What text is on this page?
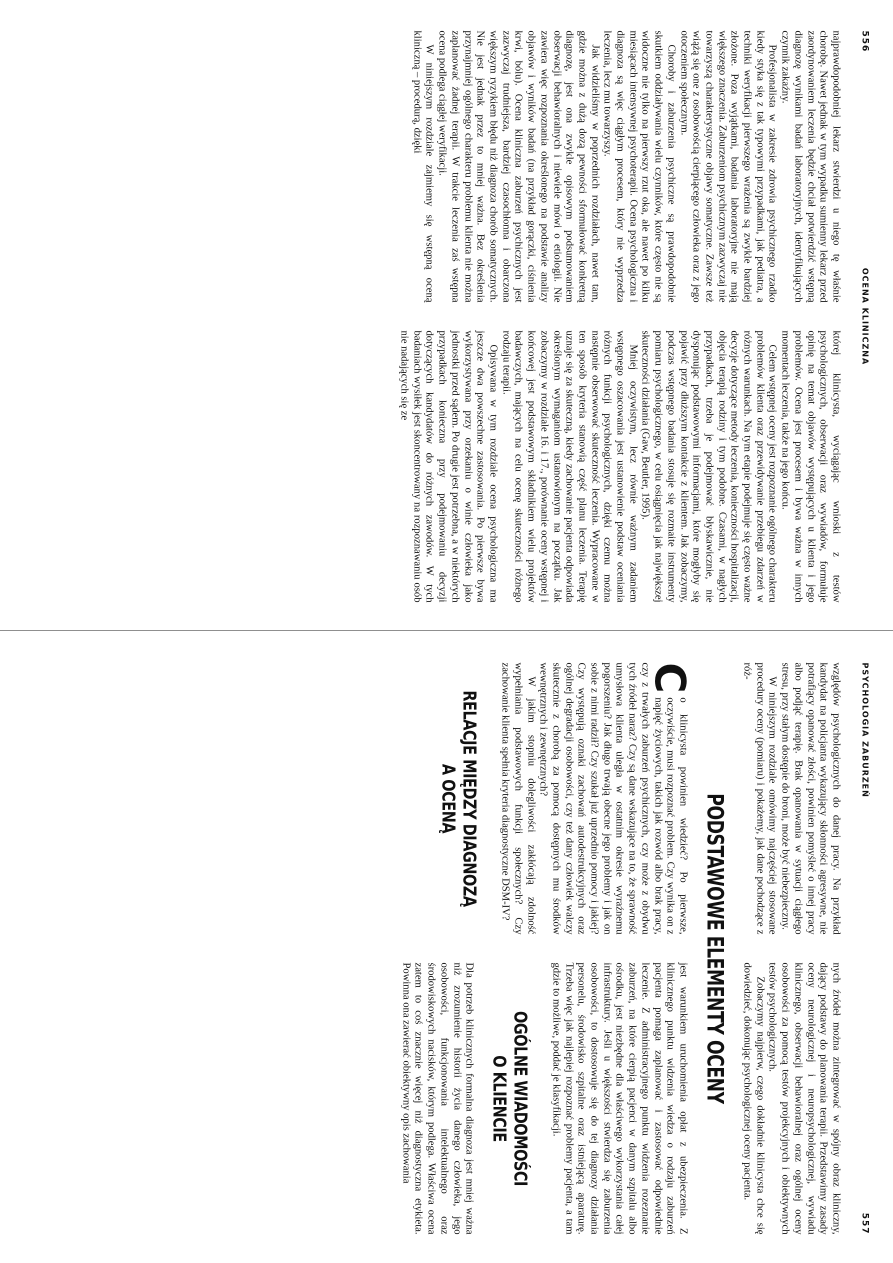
556
OCENA KLINICZNA

najprawdopodobniej lekarz stwierdzi u niego tę właśnie chorobę. Nawet jednak w tym wypadku sumienny lekarz przed zaordynowaniem leczenia będzie chciał potwierdzić wstępną diagnozę wynikami badań laboratoryjnych, identyfikujących czynnik zakaźny.

Profesjonalista w zakresie zdrowia psychicznego rzadko kiedy styka się z tak typowymi przypadkami, jak pediatra, a techniki weryfikacji pierwszego wrażenia są zwykle bardziej złożone. Poza wyjątkami, badania laboratoryjne nie mają większego znaczenia. Zaburzeniom psychicznym zazwyczaj nie towarzyszą charakterystyczne objawy somatyczne. Zawsze też wiążą się one z osobowością cierpiącego człowieka oraz z jego otoczeniem społecznym.

Choroby i zaburzenia psychiczne są prawdopodobnie skutkiem oddziaływania wielu czynników, które często nie są widoczne nie tylko na pierwszy rzut oka, ale nawet po kilku miesiącach intensywnej psychoterapii. Ocena psychologiczna i diagnoza są więc ciągłym procesem, który nie wyprzedza leczenia, lecz mu towarzyszy.

Jak widzieliśmy w poprzednich rozdziałach, nawet tam, gdzie można z dużą dozą pewności sformułować konkretną diagnozę, jest ona zwykle opisowym podsumowaniem obserwacji behawioralnych i niewiele mówi o etiologii. Nie zawiera więc rozpoznania określonego na podstawie analizy objawów i wyników badań (na przykład gorączki, ciśnienia krwi, bólu). Ocena kliniczna zaburzeń psychicznych jest zazwyczaj trudniejsza, bardziej czasochłonna i obarczona większym ryzykiem błędu niż diagnoza chorób somatycznych. Nie jest jednak przez to mniej ważna. Bez określenia przynajmniej ogólnego charakteru problemu klienta nie można zaplanować żadnej terapii. W trakcie leczenia zaś wstępna ocena podlega ciągłej weryfikacji.

W niniejszym rozdziale zajmiemy się wstępną oceną kliniczną – procedurą, dzięki

której klinicysta, wyciągając wnioski z testów psychologicznych, obserwacji oraz wywiadów, formułuje opinię na temat objawów występujących u klienta i jego problemów. Ocena jest procesem i bywa ważna w innych momentach leczenia, także na jego końcu.

Celem wstępnej oceny jest rozpoznanie ogólnego charakteru problemów klienta oraz przewidywanie przebiegu zdarzeń w różnych warunkach. Na tym etapie podejmuje się często ważne decyzje dotyczące metody leczenia, konieczności hospitalizacji, objęcia terapią rodziny i tym podobne. Czasami, w nagłych przypadkach, trzeba je podejmować błyskawicznie, nie dysponując podstawowymi informacjami, które mogłyby się pojawić przy dłuższym kontakcie z klientem. Jak zobaczymy, podczas wstępnego badania stosuje się rozmaite instrumenty pomiaru psychologicznego, w celu osiągnięcia jak największej skuteczności działania (Gaw, Beutler, 1995).

Mniej oczywistym, lecz równie ważnym zadaniem wstępnego oszacowania jest ustanowienie podstaw oceniania różnych funkcji psychologicznych, dzięki czemu można następnie obserwować skuteczność leczenia. Wypracowane w ten sposób kryteria stanowią część planu leczenia. Terapię uznaje się za skuteczną, kiedy zachowanie pacjenta odpowiada określonym wymaganiom ustanowionym na początku. Jak zobaczymy w rozdziale 16. i 17., porównanie oceny wstępnej i końcowej jest podstawowym składnikiem wielu projektów badawczych, mających na celu ocenę skuteczności różnego rodzaju terapii.

Opisywana w tym rozdziale ocena psychologiczna ma jeszcze dwa powszechne zastosowania. Po pierwsze bywa wykorzystywana przy orzekaniu o winie człowieka jako jednostki przed sądem. Po drugie jest potrzebna, a w niektórych przypadkach konieczna przy podejmowaniu decyzji dotyczących kandydatów do różnych zawodów. W tych badaniach wysiłek jest skoncentrowany na rozpoznawaniu osób nie nadających się ze

PSYCHOLOGIA ZABURZEŃ
557

względów psychologicznych do danej pracy. Na przykład kandydat na policjanta wykazujący skłonności agresywne, nie potrafiący opanować złości, powinien pomyśleć o innej pracy albo podjąć terapię. Brak opanowania w sytuacji ciągłego stresu, przy stałym dostępie do broni, może być niebezpieczny.

W niniejszym rozdziale omówimy najczęściej stosowane procedury oceny (pomiaru) i pokażemy, jak dane pochodzące z róż-

nych źródeł można zintegrować w spójny obraz kliniczny, dający podstawy do planowania terapii. Przedstawimy zasady oceny neurologicznej i neuropsychologicznej, wywiadu klinicznego, obserwacji behawioralnej oraz ogólnej oceny osobowości za pomocą testów projekcyjnych i obiektywnych testów psychologicznych.

Zobaczymy najpierw, czego dokładnie klinicysta chce się dowiedzieć, dokonując psychologicznej oceny pacjenta.

PODSTAWOWE ELEMENTY OCENY

C
o klinicysta powinien wiedzieć? Po pierwsze, oczywiście, musi rozpoznać problem. Czy wynika on z napięć życiowych, takich jak rozwód albo brak pracy, czy z trwałych zaburzeń psychicznych, czy może z obydwu tych źródeł naraz? Czy są dane wskazujące na to, że sprawność umysłowa klienta uległa w ostatnim okresie wyraźnemu pogorszeniu? Jak długo trwają obecne jego problemy i jak on sobie z nimi radził? Czy szukał już uprzednio pomocy i jakiej? Czy występują oznaki zachowań autodestrukcyjnych oraz ogólnej degradacji osobowości, czy też dany człowiek walczy skutecznie z chorobą za pomocą dostępnych mu środków wewnętrznych i zewnętrznych?

W jakim stopniu dolegliwości zakłócają zdolność wypełniania podstawowych funkcji społecznych? Czy zachowanie klienta spełnia kryteria diagnostyczne DSM-IV?

RELACJE MIĘDZY DIAGNOZĄ
A OCENĄ

jest warunkiem uruchomienia opłat z ubezpieczenia. Z klinicznego punktu widzenia wiedza o rodzaju zaburzeń pacjenta pomaga zaplanować i zastosować odpowiednie leczenie. Z administracyjnego punktu widzenia rozeznanie zaburzeń, na które cierpią pacjenci w danym szpitalu albo ośrodku, jest niezbędne dla właściwego wykorzystania całej infrastruktury. Jeśli u większości stwierdza się zaburzenia osobowości, to dostosowuje się do tej diagnozy działania personelu, środowisko szpitalne oraz istniejącą aparaturę. Trzeba więc jak najlepiej rozpoznać problemy pacjenta, a tam gdzie to możliwe, poddać je klasyfikacji.

OGÓLNE WIADOMOŚCI
O KLIENCIE

Dla potrzeb klinicznych formalna diagnoza jest mniej ważna niż zrozumienie historii życia danego człowieka, jego osobowości, funkcjonowania intelektualnego oraz środowiskowych nacisków, którym podlega. Właściwa ocena zatem to coś znacznie więcej niż diagnostyczna etykieta. Powinna ona zawierać obiektywny opis zachowania
